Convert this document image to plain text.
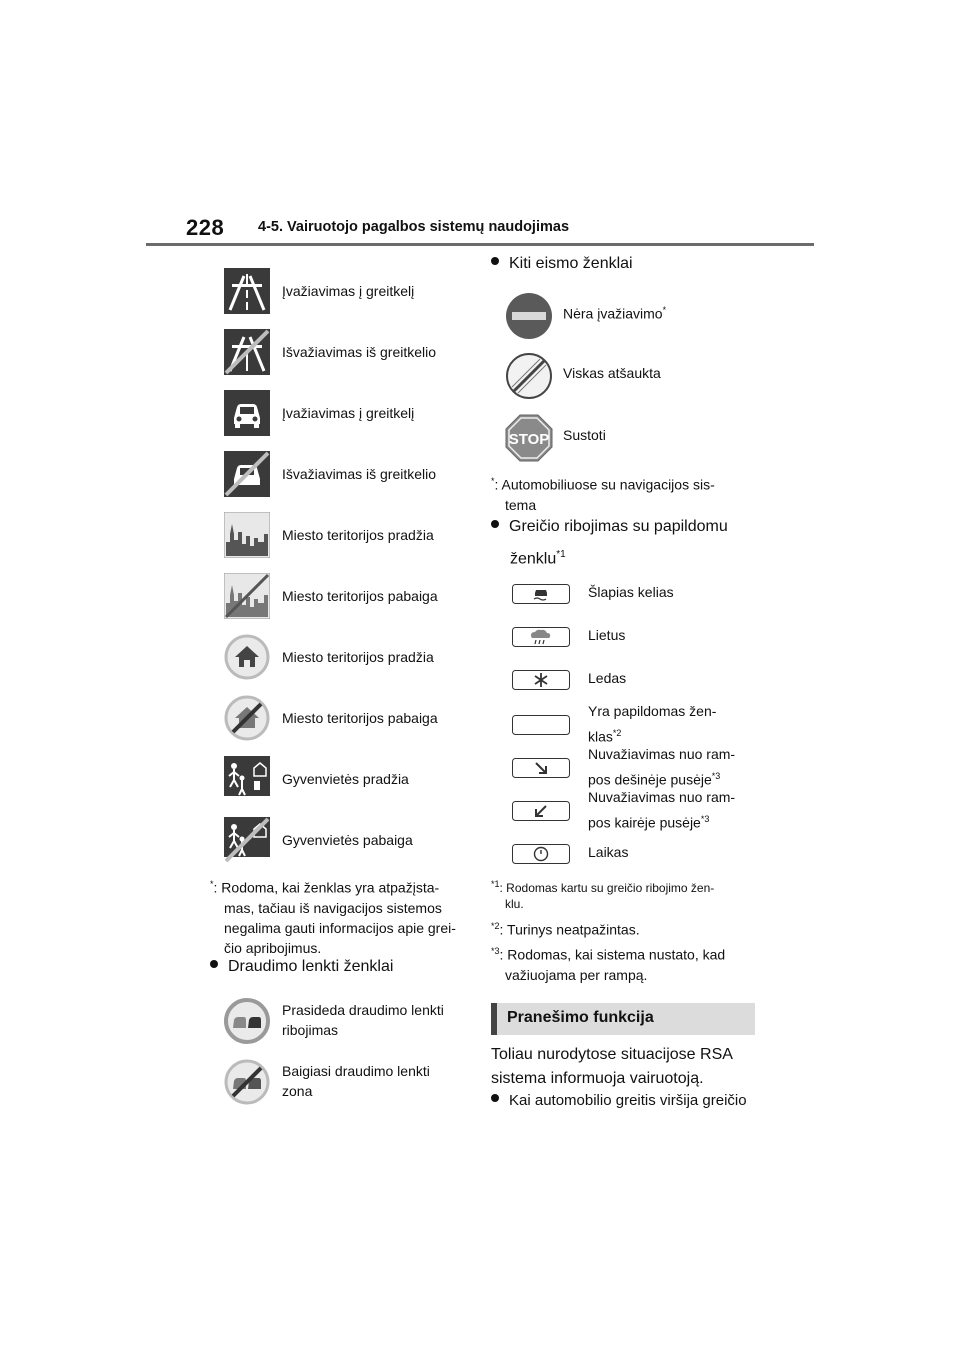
228 4-5. Vairuotojo pagalbos sistemų naudojimas
Įvažiavimas į greitkelį
Išvažiavimas iš greitkelio
Įvažiavimas į greitkelį
Išvažiavimas iš greitkelio
Miesto teritorijos pradžia
Miesto teritorijos pabaiga
Miesto teritorijos pradžia
Miesto teritorijos pabaiga
Gyvenvietės pradžia
Gyvenvietės pabaiga
*: Rodoma, kai ženklas yra atpažįsta-
mas, tačiau iš navigacijos sistemos
negalima gauti informacijos apie grei-
čio apribojimus.
Draudimo lenkti ženklai
Prasideda draudimo lenkti ribojimas
Baigiasi draudimo lenkti zona
Kiti eismo ženklai
Nėra įvažiavimo*
Viskas atšaukta
STOP Sustoti
*: Automobiliuose su navigacijos sis-
tema
Greičio ribojimas su papildomu
ženklu$^{*1}$
Šlapias kelias
Lietus
Ledas
Yra papildomas žen-
klas$^{*2}$
Nuvažiavimas nuo ram-
pos dešinėje pusėje$^{*3}$
Nuvažiavimas nuo ram-
pos kairėje pusėje$^{*3}$
Laikas
$^{*1}$: Rodomas kartu su greičio ribojimo žen-
klu.
$^{*2}$: Turinys neatpažintas.
$^{*3}$: Rodomas, kai sistema nustato, kad
važiuojama per rampą.
Pranešimo funkcija
Toliau nurodytose situacijose RSA
sistema informuoja vairuotoją.
Kai automobilio greitis viršija greičio
